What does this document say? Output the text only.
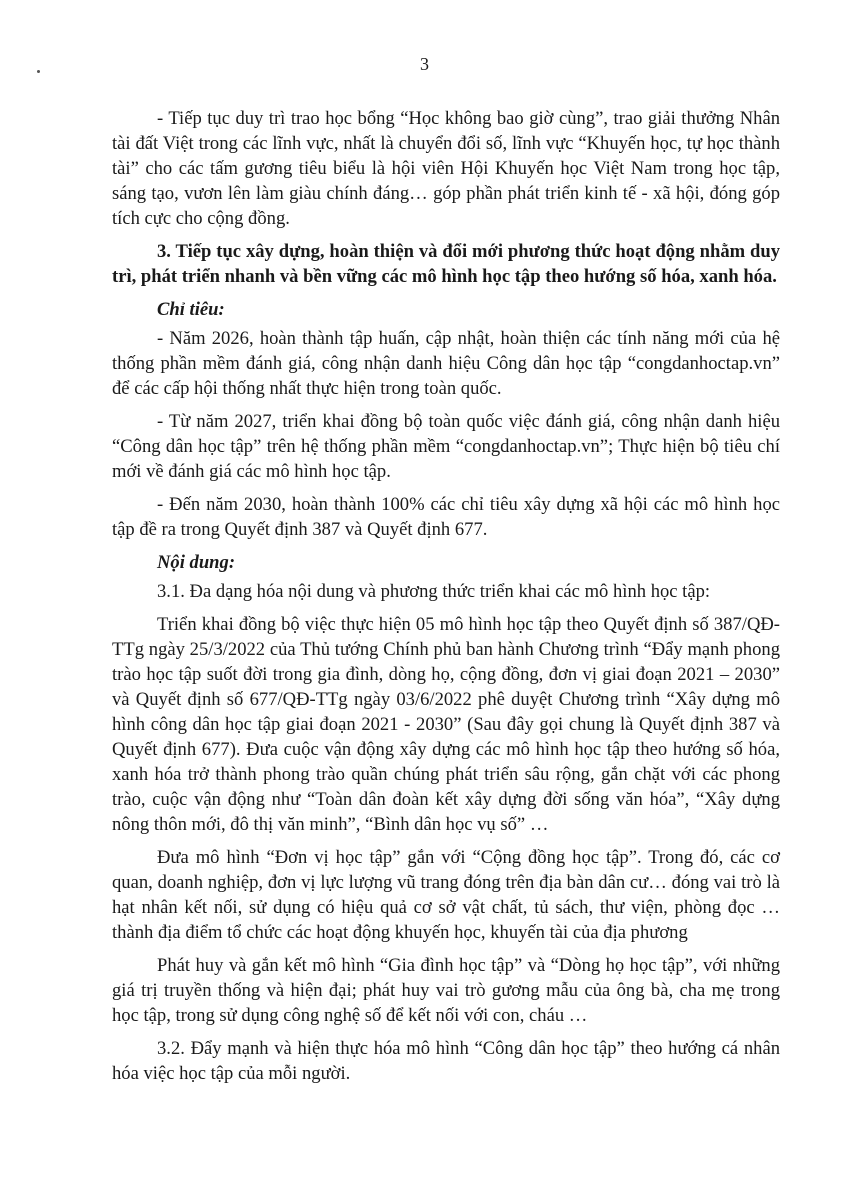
3

- Tiếp tục duy trì trao học bổng “Học không bao giờ cùng”, trao giải thưởng Nhân tài đất Việt trong các lĩnh vực, nhất là chuyển đổi số, lĩnh vực “Khuyến học, tự học thành tài” cho các tấm gương tiêu biểu là hội viên Hội Khuyến học Việt Nam trong học tập, sáng tạo, vươn lên làm giàu chính đáng… góp phần phát triển kinh tế - xã hội, đóng góp tích cực cho cộng đồng.

3. Tiếp tục xây dựng, hoàn thiện và đổi mới phương thức hoạt động nhằm duy trì, phát triển nhanh và bền vững các mô hình học tập theo hướng số hóa, xanh hóa.

Chỉ tiêu:

- Năm 2026, hoàn thành tập huấn, cập nhật, hoàn thiện các tính năng mới của hệ thống phần mềm đánh giá, công nhận danh hiệu Công dân học tập “congdanhoctap.vn” để các cấp hội thống nhất thực hiện trong toàn quốc.

- Từ năm 2027, triển khai đồng bộ toàn quốc việc đánh giá, công nhận danh hiệu “Công dân học tập” trên hệ thống phần mềm “congdanhoctap.vn”; Thực hiện bộ tiêu chí mới về đánh giá các mô hình học tập.

- Đến năm 2030, hoàn thành 100% các chỉ tiêu xây dựng xã hội các mô hình học tập đề ra trong Quyết định 387 và Quyết định 677.

Nội dung:

3.1. Đa dạng hóa nội dung và phương thức triển khai các mô hình học tập:

Triển khai đồng bộ việc thực hiện 05 mô hình học tập theo Quyết định số 387/QĐ-TTg ngày 25/3/2022 của Thủ tướng Chính phủ ban hành Chương trình “Đẩy mạnh phong trào học tập suốt đời trong gia đình, dòng họ, cộng đồng, đơn vị giai đoạn 2021 – 2030” và Quyết định số 677/QĐ-TTg ngày 03/6/2022 phê duyệt Chương trình “Xây dựng mô hình công dân học tập giai đoạn 2021 - 2030” (Sau đây gọi chung là Quyết định 387 và Quyết định 677). Đưa cuộc vận động xây dựng các mô hình học tập theo hướng số hóa, xanh hóa trở thành phong trào quần chúng phát triển sâu rộng, gắn chặt với các phong trào, cuộc vận động như “Toàn dân đoàn kết xây dựng đời sống văn hóa”, “Xây dựng nông thôn mới, đô thị văn minh”, “Bình dân học vụ số” …

Đưa mô hình “Đơn vị học tập” gắn với “Cộng đồng học tập”. Trong đó, các cơ quan, doanh nghiệp, đơn vị lực lượng vũ trang đóng trên địa bàn dân cư… đóng vai trò là hạt nhân kết nối, sử dụng có hiệu quả cơ sở vật chất, tủ sách, thư viện, phòng đọc … thành địa điểm tổ chức các hoạt động khuyến học, khuyến tài của địa phương

Phát huy và gắn kết mô hình “Gia đình học tập” và “Dòng họ học tập”, với những giá trị truyền thống và hiện đại; phát huy vai trò gương mẫu của ông bà, cha mẹ trong học tập, trong sử dụng công nghệ số để kết nối với con, cháu …

3.2. Đẩy mạnh và hiện thực hóa mô hình “Công dân học tập” theo hướng cá nhân hóa việc học tập của mỗi người.
